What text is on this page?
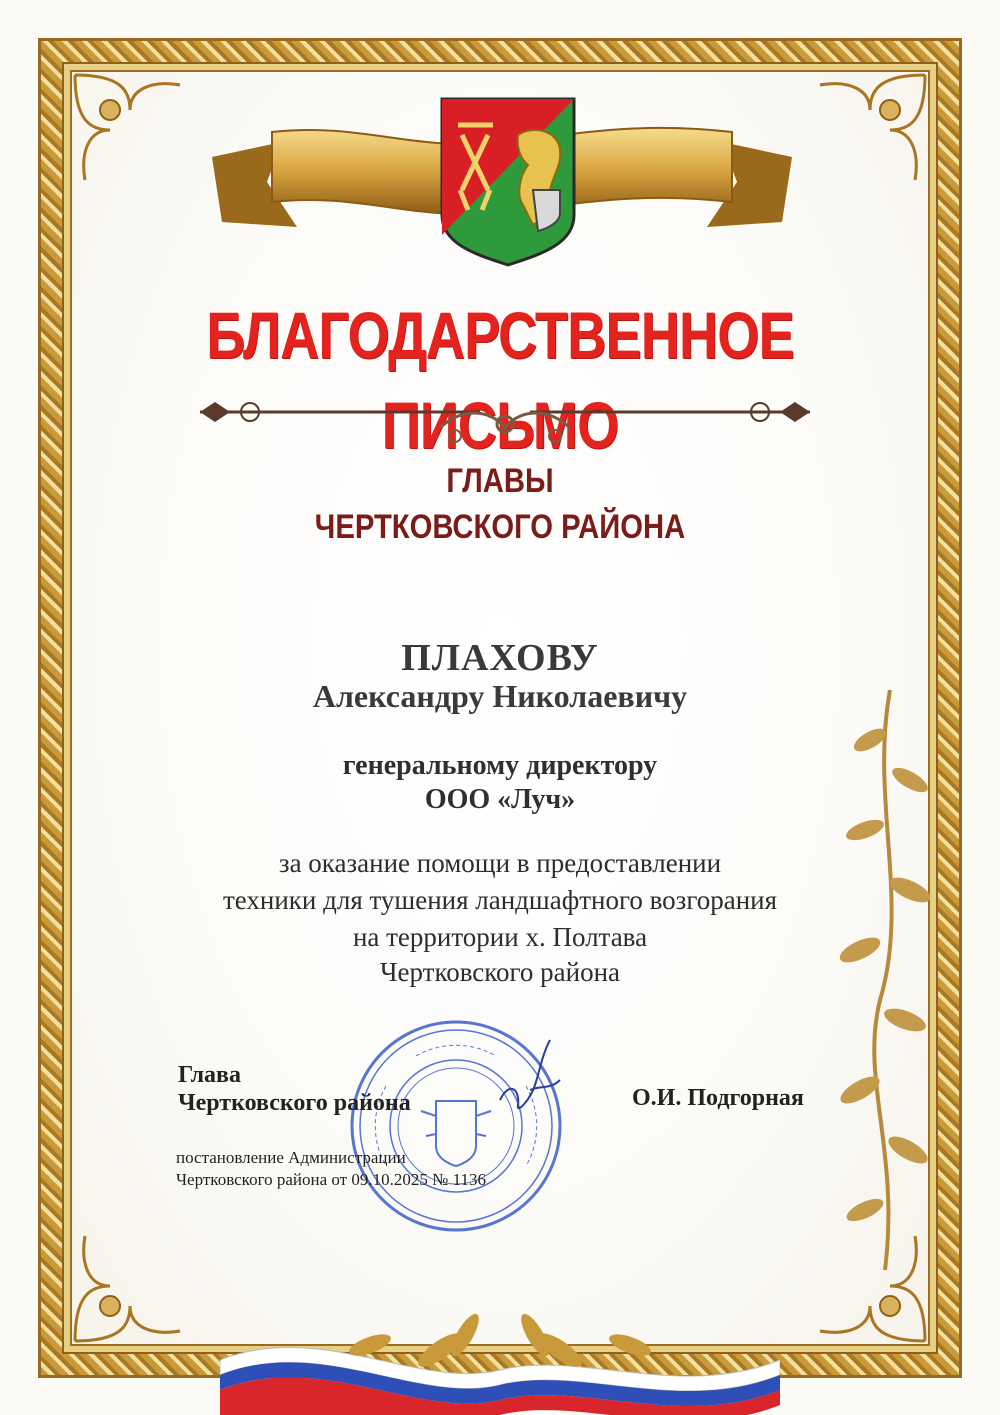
БЛАГОДАРСТВЕННОЕ ПИСЬМО
ГЛАВЫ
ЧЕРТКОВСКОГО РАЙОНА
ПЛАХОВУ
Александру Николаевичу
генеральному директору
ООО «Луч»
за оказание помощи в предоставлении
техники для тушения ландшафтного возгорания
на территории х. Полтава
Чертковского района
Глава
Чертковского района	О.И. Подгорная
постановление Администрации
Чертковского района от 09.10.2025 № 1136
